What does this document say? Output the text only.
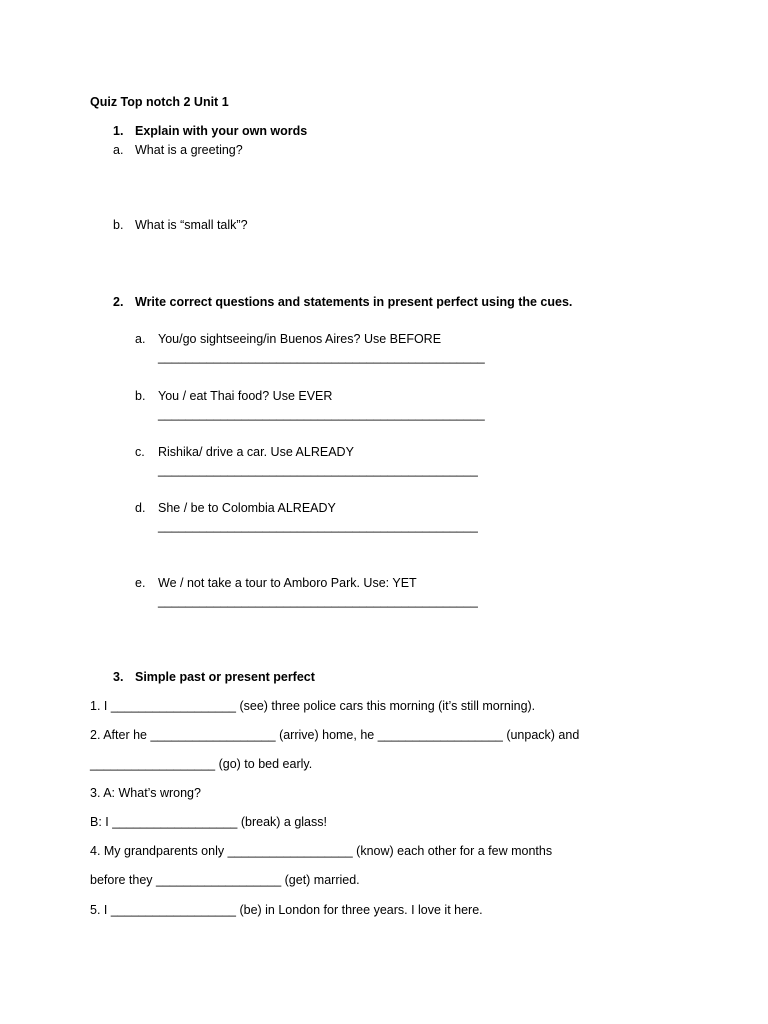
Quiz Top notch 2 Unit 1
1. Explain with your own words
a. What is a greeting?
b. What is “small talk”?
2. Write correct questions and statements in present perfect using the cues.
a. You/go sightseeing/in Buenos Aires? Use BEFORE
_______________________________________________
b. You / eat Thai food? Use EVER
_______________________________________________
c. Rishika/ drive a car. Use ALREADY
______________________________________________
d. She / be to Colombia ALREADY
______________________________________________
e. We / not take a tour to Amboro Park. Use: YET
______________________________________________
3. Simple past or present perfect
1. I __________________ (see) three police cars this morning (it’s still morning).
2. After he __________________ (arrive) home, he __________________ (unpack) and
__________________ (go) to bed early.
3. A: What’s wrong?
B: I __________________ (break) a glass!
4. My grandparents only __________________ (know) each other for a few months
before they __________________ (get) married.
5. I __________________ (be) in London for three years. I love it here.
